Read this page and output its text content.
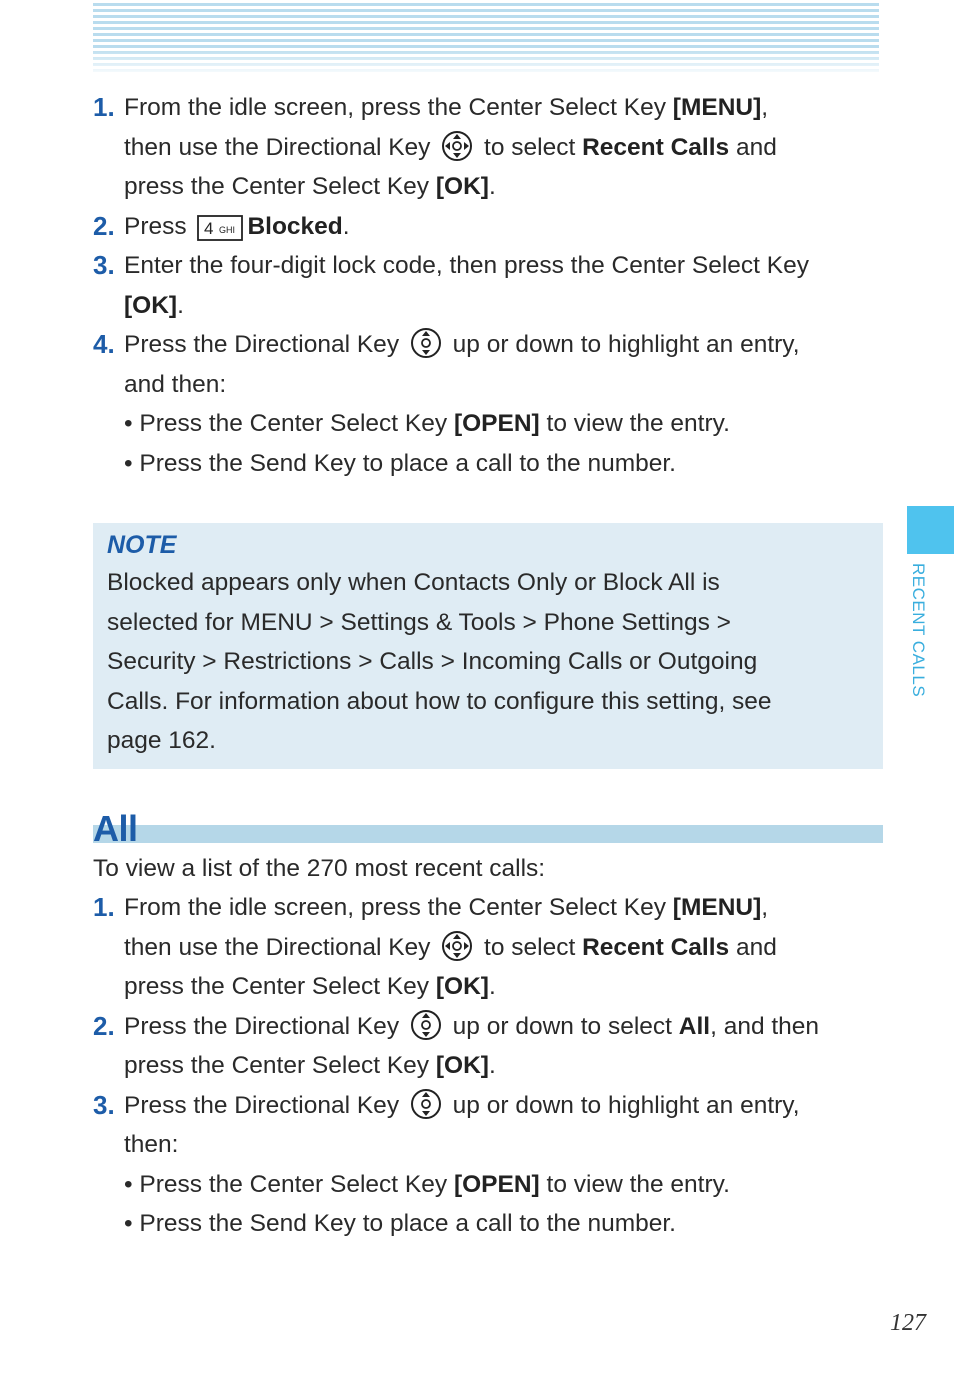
RECENT CALLS
127
1. From the idle screen, press the Center Select Key [MENU],
then use the Directional Key  to select Recent Calls and
press the Center Select Key [OK].
2. Press 4 GHI Blocked.
3. Enter the four-digit lock code, then press the Center Select Key
[OK].
4. Press the Directional Key  up or down to highlight an entry,
and then:
• Press the Center Select Key [OPEN] to view the entry.
• Press the Send Key to place a call to the number.
NOTE
Blocked appears only when Contacts Only or Block All is
selected for MENU > Settings & Tools > Phone Settings >
Security > Restrictions > Calls > Incoming Calls or Outgoing
Calls. For information about how to configure this setting, see
page 162.
All
To view a list of the 270 most recent calls:
1. From the idle screen, press the Center Select Key [MENU],
then use the Directional Key  to select Recent Calls and
press the Center Select Key [OK].
2. Press the Directional Key  up or down to select All, and then
press the Center Select Key [OK].
3. Press the Directional Key  up or down to highlight an entry,
then:
• Press the Center Select Key [OPEN] to view the entry.
• Press the Send Key to place a call to the number.
